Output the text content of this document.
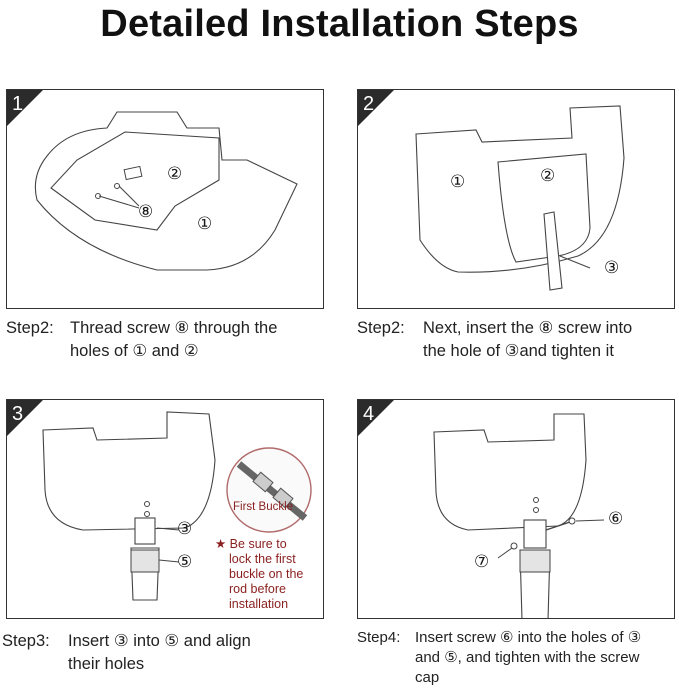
Detailed Installation Steps
②
⑧
①
1
Step2: Thread screw ⑧ through the
holes of ① and ②
①	②
③
2
Step2: Next, insert the ⑧ screw into
the hole of ③and tighten it
First Buckle
③
⑤
★ Be sure to
lock the first
buckle on the
rod before
installation
3
Step3: Insert ③ into ⑤ and align
their holes
⑥
⑦
4
Step4: Insert screw ⑥ into the holes of ③
and ⑤, and tighten with the screw
cap
